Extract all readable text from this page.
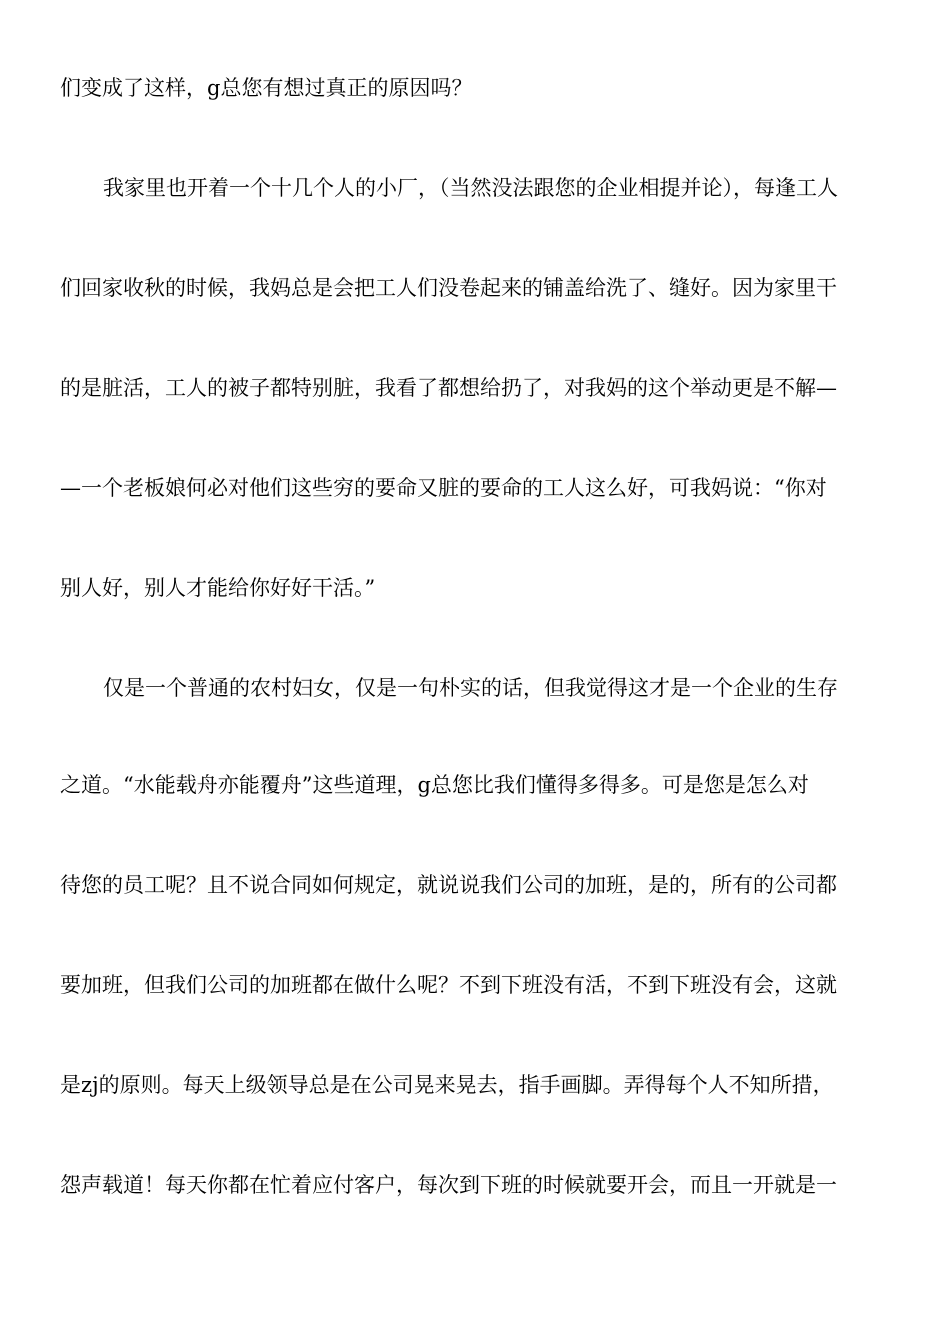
们变成了这样，g总您有想过真正的原因吗？
我家里也开着一个十几个人的小厂，（当然没法跟您的企业相提并论），每逢工人
们回家收秋的时候，我妈总是会把工人们没卷起来的铺盖给洗了、缝好。因为家里干
的是脏活，工人的被子都特别脏，我看了都想给扔了，对我妈的这个举动更是不解—
—一个老板娘何必对他们这些穷的要命又脏的要命的工人这么好，可我妈说：“你对
别人好，别人才能给你好好干活。”
仅是一个普通的农村妇女，仅是一句朴实的话，但我觉得这才是一个企业的生存
之道。“水能载舟亦能覆舟”这些道理，g总您比我们懂得多得多。可是您是怎么对
待您的员工呢？且不说合同如何规定，就说说我们公司的加班，是的，所有的公司都
要加班，但我们公司的加班都在做什么呢？不到下班没有活，不到下班没有会，这就
是zj的原则。每天上级领导总是在公司晃来晃去，指手画脚。弄得每个人不知所措，
怨声载道！每天你都在忙着应付客户，每次到下班的时候就要开会，而且一开就是一
